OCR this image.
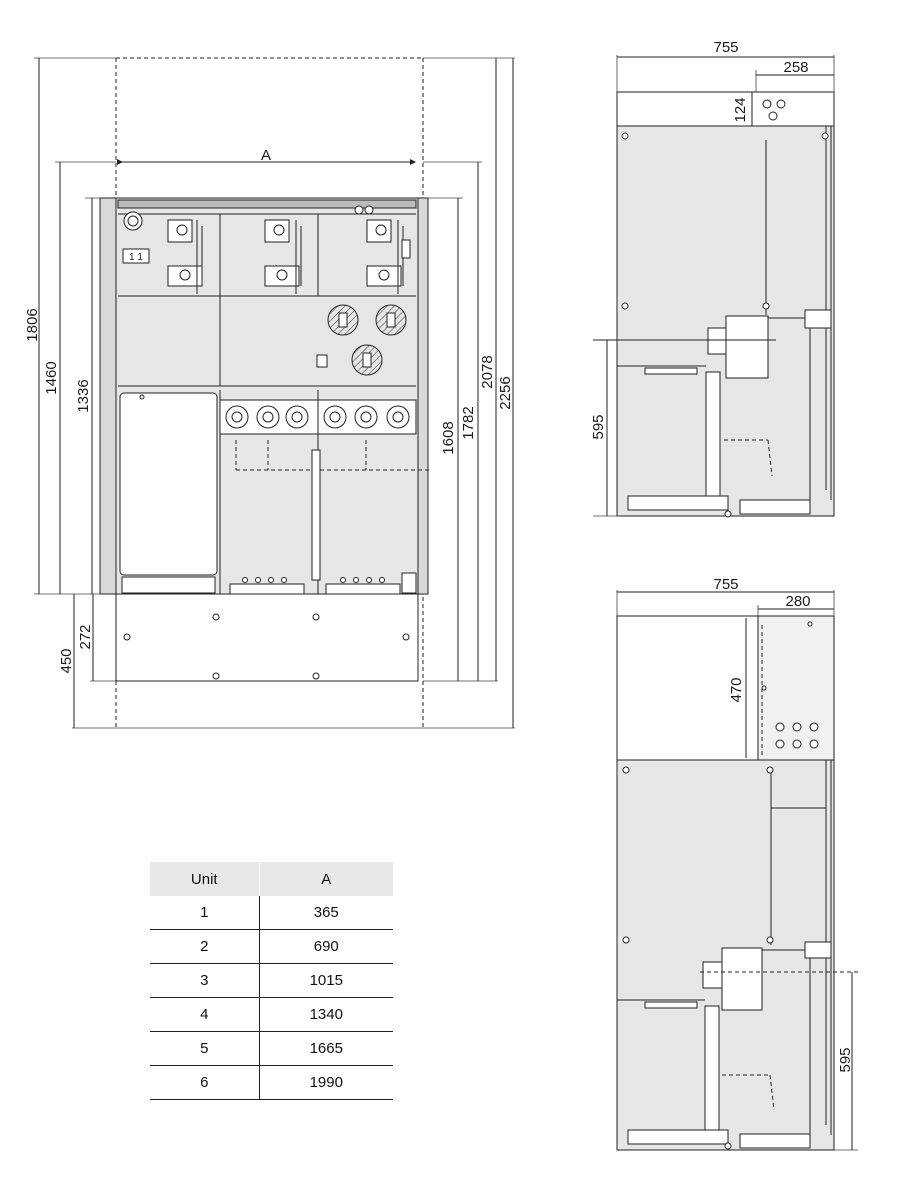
1806
1460
1336
272
450
1608 1782
2078
2256
A
1 1
755
258
124
595
755
280
470
595
Unit	A
1	365
2	690
3	1015
4	1340
5	1665
6	1990
